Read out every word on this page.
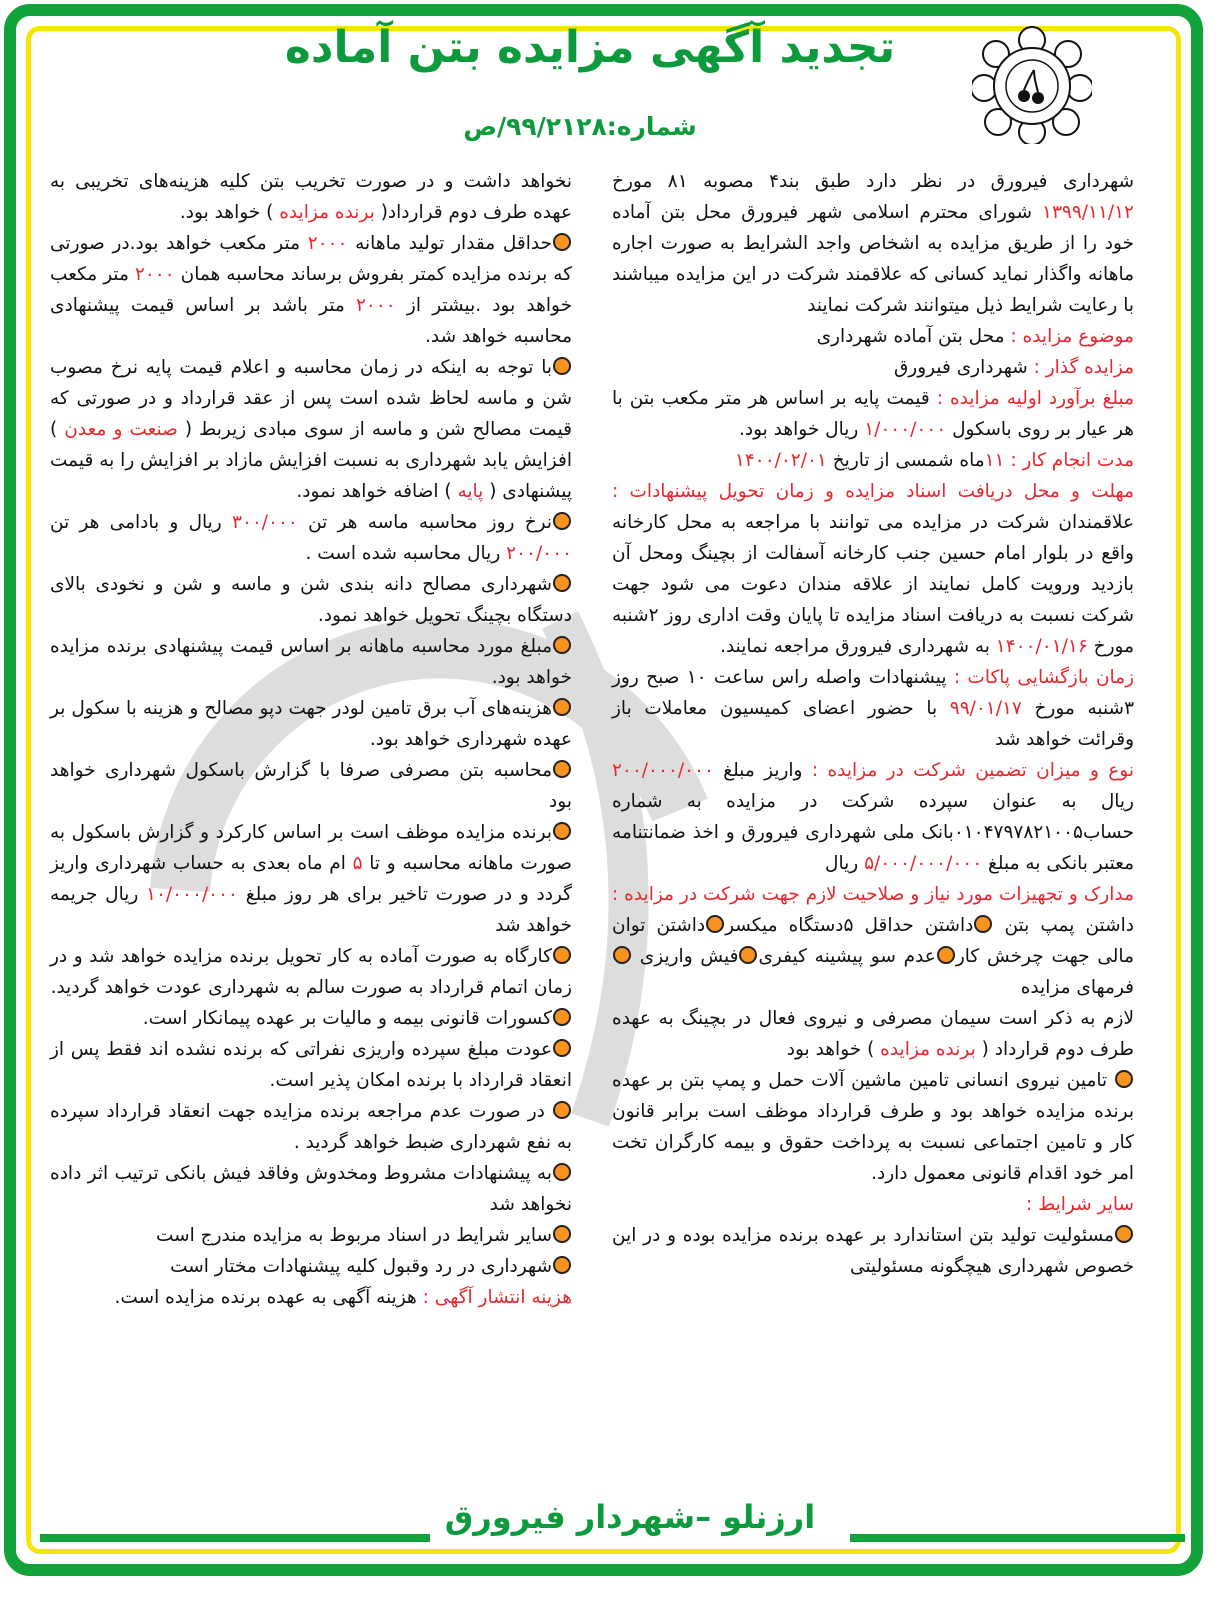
تجدید آگهی مزایده بتن آماده
شماره:۹۹/۲۱۲۸/ص

شهرداری فیرورق در نظر دارد طبق بند۴ مصوبه ۸۱ مورخ ۱۳۹۹/۱۱/۱۲ شورای محترم اسلامی شهر فیرورق محل بتن آماده خود را از طریق مزایده به اشخاص واجد الشرایط به صورت اجاره ماهانه واگذار نماید کسانی که علاقمند شرکت در این مزایده میباشند با رعایت شرایط ذیل میتوانند شرکت نمایند

موضوع مزایده : محل بتن آماده شهرداری

مزایده گذار : شهرداری فیرورق

مبلغ برآورد اولیه مزایده : قیمت پایه بر اساس هر متر مکعب بتن با هر عیار بر روی باسکول ۱/۰۰۰/۰۰۰ ریال خواهد بود.

مدت انجام کار : ۱۱ماه شمسی از تاریخ ۱۴۰۰/۰۲/۰۱

مهلت و محل دریافت اسناد مزایده و زمان تحویل پیشنهادات : علاقمندان شرکت در مزایده می توانند با مراجعه به محل کارخانه واقع در بلوار امام حسین جنب کارخانه آسفالت از بچینگ ومحل آن بازدید ورویت کامل نمایند از علاقه مندان دعوت می شود جهت شرکت نسبت به دریافت اسناد مزایده تا پایان وقت اداری روز ۲شنبه مورخ ۱۴۰۰/۰۱/۱۶ به شهرداری فیرورق مراجعه نمایند.

زمان بازگشایی پاکات : پیشنهادات واصله راس ساعت ۱۰ صبح روز ۳شنبه مورخ ۹۹/۰۱/۱۷ با حضور اعضای کمیسیون معاملات باز وقرائت خواهد شد

نوع و میزان تضمین شرکت در مزایده : واریز مبلغ ۲۰۰/۰۰۰/۰۰۰ ریال به عنوان سپرده شرکت در مزایده به شماره حساب۰۱۰۴۷۹۷۸۲۱۰۰۵بانک ملی شهرداری فیرورق و اخذ ضمانتنامه معتبر بانکی به مبلغ ۵/۰۰۰/۰۰۰/۰۰۰ ریال

مدارک و تجهیزات مورد نیاز و صلاحیت لازم جهت شرکت در مزایده : داشتن پمپ بتن داشتن حداقل ۵دستگاه میکسرداشتن توان مالی جهت چرخش کارعدم سو پیشینه کیفریفیش واریزی  فرمهای مزایده

لازم به ذکر است سیمان مصرفی و نیروی فعال در بچینگ به عهده طرف دوم قرارداد ( برنده مزایده ) خواهد بود

تامین نیروی انسانی تامین ماشین آلات حمل و پمپ بتن بر عهده برنده مزایده خواهد بود و طرف قرارداد موظف است برابر قانون کار و تامین اجتماعی نسبت به پرداخت حقوق و بیمه کارگران تخت امر خود اقدام قانونی معمول دارد.

سایر شرایط :

مسئولیت تولید بتن استاندارد بر عهده برنده مزایده بوده و در این خصوص شهرداری هیچگونه مسئولیتی

نخواهد داشت و در صورت تخریب بتن کلیه هزینه‌های تخریبی به عهده طرف دوم قرارداد( برنده مزایده ) خواهد بود.

حداقل مقدار تولید ماهانه ۲۰۰۰ متر مکعب خواهد بود.در صورتی که برنده مزایده کمتر بفروش برساند محاسبه همان ۲۰۰۰ متر مکعب خواهد بود .بیشتر از ۲۰۰۰ متر باشد بر اساس قیمت پیشنهادی محاسبه خواهد شد.

با توجه به اینکه در زمان محاسبه و اعلام قیمت پایه نرخ مصوب شن و ماسه لحاظ شده است پس از عقد قرارداد و در صورتی که قیمت مصالح شن و ماسه از سوی مبادی زیربط ( صنعت و معدن ) افزایش یابد شهرداری به نسبت افزایش مازاد بر افزایش را به قیمت پیشنهادی ( پایه ) اضافه خواهد نمود.

نرخ روز محاسبه ماسه هر تن ۳۰۰/۰۰۰ ریال و بادامی هر تن ۲۰۰/۰۰۰ ریال محاسبه شده است .

شهرداری مصالح دانه بندی شن و ماسه و شن و نخودی بالای دستگاه بچینگ تحویل خواهد نمود.

مبلغ مورد محاسبه ماهانه بر اساس قیمت پیشنهادی برنده مزایده خواهد بود.

هزینه‌های آب برق تامین لودر جهت دپو مصالح و هزینه با سکول بر عهده شهرداری خواهد بود.

محاسبه بتن مصرفی صرفا با گزارش باسکول شهرداری خواهد بود

برنده مزایده موظف است بر اساس کارکرد و گزارش باسکول به صورت ماهانه محاسبه و تا ۵ ام ماه بعدی به حساب شهرداری واریز گردد و در صورت تاخیر برای هر روز مبلغ ۱۰/۰۰۰/۰۰۰ ریال جریمه خواهد شد

کارگاه به صورت آماده به کار تحویل برنده مزایده خواهد شد و در زمان اتمام قرارداد به صورت سالم به شهرداری عودت خواهد گردید.

کسورات قانونی بیمه و مالیات بر عهده پیمانکار است.

عودت مبلغ سپرده واریزی نفراتی که برنده نشده اند فقط پس از انعقاد قرارداد با برنده امکان پذیر است.

در صورت عدم مراجعه برنده مزایده جهت انعقاد قرارداد سپرده به نفع شهرداری ضبط خواهد گردید .

به پیشنهادات مشروط ومخدوش وفاقد فیش بانکی ترتیب اثر داده نخواهد شد

سایر شرایط در اسناد مربوط به مزایده مندرج است

شهرداری در رد وقبول کلیه پیشنهادات مختار است

هزینه انتشار آگهی : هزینه آگهی به عهده برنده مزایده است.

ارزنلو –شهردار فیرورق
